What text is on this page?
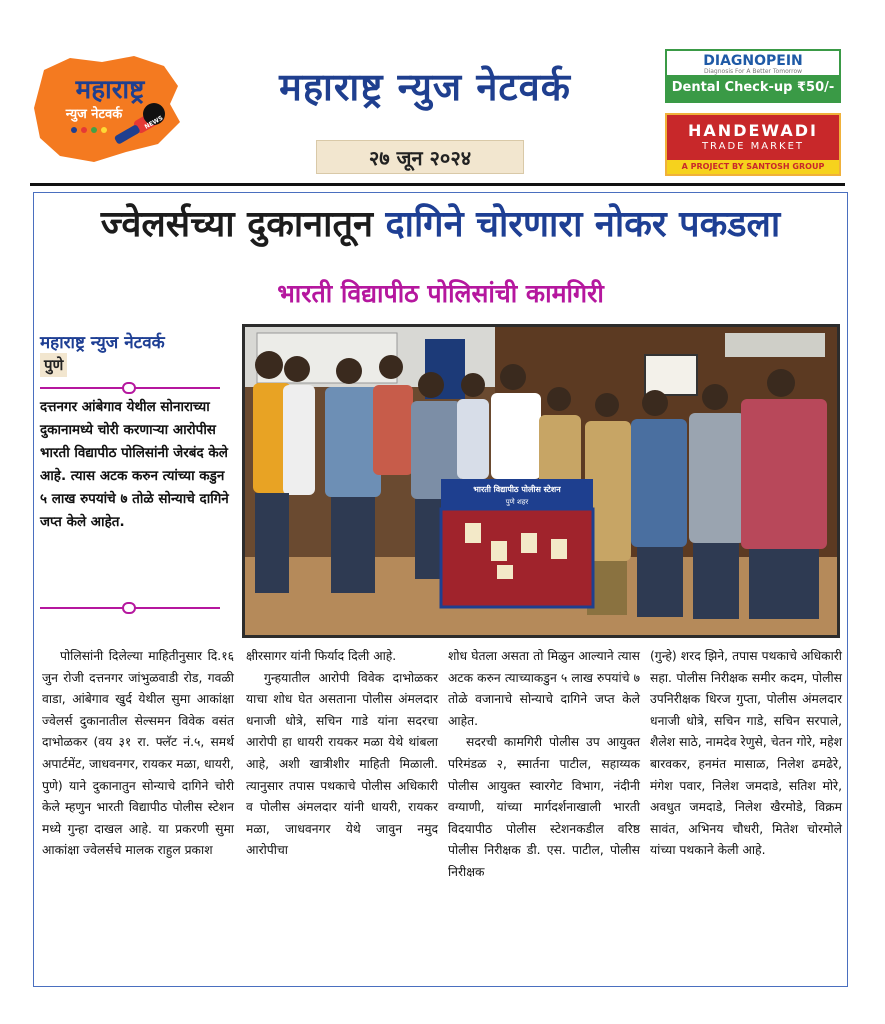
महाराष्ट्र
न्युज नेटवर्क
NEWS
महाराष्ट्र न्युज नेटवर्क
२७ जून २०२४
DIAGNOPEIN
Diagnosis For A Better Tomorrow
Dental Check-up ₹50/-
HANDEWADI
TRADE MARKET
A PROJECT BY SANTOSH GROUP
ज्वेलर्सच्या दुकानातून दागिने चोरणारा नोकर पकडला
भारती विद्यापीठ पोलिसांची कामगिरी
महाराष्ट्र न्युज नेटवर्क
पुणे
दत्तनगर आंबेगाव येथील सोनाराच्या दुकानामध्ये चोरी करणाऱ्या आरोपीस भारती विद्यापीठ पोलिसांनी जेरबंद केले आहे. त्यास अटक करुन त्यांच्या कडुन ५ लाख रुपयांचे ७ तोळे सोन्याचे दागिने जप्त केले आहेत.
भारती विद्यापीठ पोलीस स्टेशन
पुणे शहर

पोलिसांनी दिलेल्या माहितीनुसार दि.१६ जुन रोजी दत्तनगर जांभुळवाडी रोड, गवळी वाडा, आंबेगाव खुर्द येथील सुमा आकांक्षा ज्वेलर्स दुकानातील सेल्समन विवेक वसंत दाभोळकर (वय ३१ रा. फ्लॅट नं.५, समर्थ अपार्टमेंट, जाधवनगर, रायकर मळा, धायरी, पुणे) याने दुकानातुन सोन्याचे दागिने चोरी केले म्हणुन भारती विद्यापीठ पोलीस स्टेशन मध्ये गुन्हा दाखल आहे. या प्रकरणी सुमा आकांक्षा ज्वेलर्सचे मालक राहुल प्रकाश

क्षीरसागर यांनी फिर्याद दिली आहे.

गुन्हयातील आरोपी विवेक दाभोळकर याचा शोध घेत असताना पोलीस अंमलदार धनाजी धोत्रे, सचिन गाडे यांना सदरचा आरोपी हा धायरी रायकर मळा येथे थांबला आहे, अशी खात्रीशीर माहिती मिळाली. त्यानुसार तपास पथकाचे पोलीस अधिकारी व पोलीस अंमलदार यांनी धायरी, रायकर मळा, जाधवनगर येथे जावुन नमुद आरोपीचा

शोध घेतला असता तो मिळुन आल्याने त्यास अटक करुन त्याच्याकडुन ५ लाख रुपयांचे ७ तोळे वजानाचे सोन्याचे दागिने जप्त केले आहेत.

सदरची कामगिरी पोलीस उप आयुक्त परिमंडळ २, स्मार्तना पाटील, सहाय्यक पोलीस आयुक्त स्वारगेट विभाग, नंदीनी वग्याणी, यांच्या मार्गदर्शनाखाली भारती विदयापीठ पोलीस स्टेशनकडील वरिष्ठ पोलीस निरीक्षक डी. एस. पाटील, पोलीस निरीक्षक

(गुन्हे) शरद झिने, तपास पथकाचे अधिकारी सहा. पोलीस निरीक्षक समीर कदम, पोलीस उपनिरीक्षक धिरज गुप्ता, पोलीस अंमलदार धनाजी धोत्रे, सचिन गाडे, सचिन सरपाले, शैलेश साठे, नामदेव रेणुसे, चेतन गोरे, महेश बारवकर, हनमंत मासाळ, निलेश ढमढेरे, मंगेश पवार, निलेश जमदाडे, सतिश मोरे, अवधुत जमदाडे, निलेश खैरमोडे, विक्रम सावंत, अभिनय चौधरी, मितेश चोरमोले यांच्या पथकाने केली आहे.
